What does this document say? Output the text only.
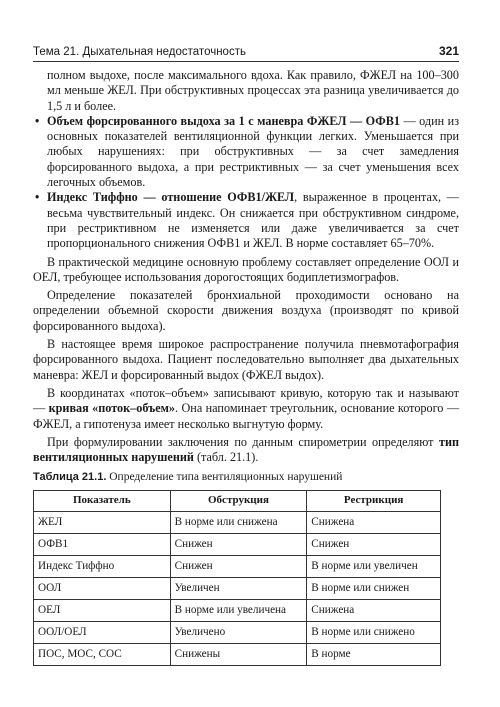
Тема 21. Дыхательная недостаточность	321

полном выдохе, после максимального вдоха. Как правило, ФЖЕЛ на 100–300 мл меньше ЖЕЛ. При обструктивных процессах эта разница увеличивается до 1,5 л и более.

• Объем форсированного выдоха за 1 с маневра ФЖЕЛ — ОФВ1 — один из основных показателей вентиляционной функции легких. Уменьшается при любых нарушениях: при обструктивных — за счет замедления форсированного выдоха, а при рестриктивных — за счет уменьшения всех легочных объемов.

• Индекс Тиффно — отношение ОФВ1/ЖЕЛ, выраженное в процентах, — весьма чувствительный индекс. Он снижается при обструктивном синдроме, при рестриктивном не изменяется или даже увеличивается за счет пропорционального снижения ОФВ1 и ЖЕЛ. В норме составляет 65–70%.

В практической медицине основную проблему составляет определение ООЛ и ОЕЛ, требующее использования дорогостоящих бодиплетизмографов.

Определение показателей бронхиальной проходимости основано на определении объемной скорости движения воздуха (производят по кривой форсированного выдоха).

В настоящее время широкое распространение получила пневмотафография форсированного выдоха. Пациент последовательно выполняет два дыхательных маневра: ЖЕЛ и форсированный выдох (ФЖЕЛ выдох).

В координатах «поток–объем» записывают кривую, которую так и называют — кривая «поток–объем». Она напоминает треугольник, основание которого — ФЖЕЛ, а гипотенуза имеет несколько выгнутую форму.

При формулировании заключения по данным спирометрии определяют тип вентиляционных нарушений (табл. 21.1).

Таблица 21.1. Определение типа вентиляционных нарушений
Показатель	Обструкция	Рестрикция
ЖЕЛ	В норме или снижена	Снижена
ОФВ1	Снижен	Снижен
Индекс Тиффно	Снижен	В норме или увеличен
ООЛ	Увеличен	В норме или снижен
ОЕЛ	В норме или увеличена	Снижена
ООЛ/ОЕЛ	Увеличено	В норме или снижено
ПОС, МОС, СОС	Снижены	В норме
